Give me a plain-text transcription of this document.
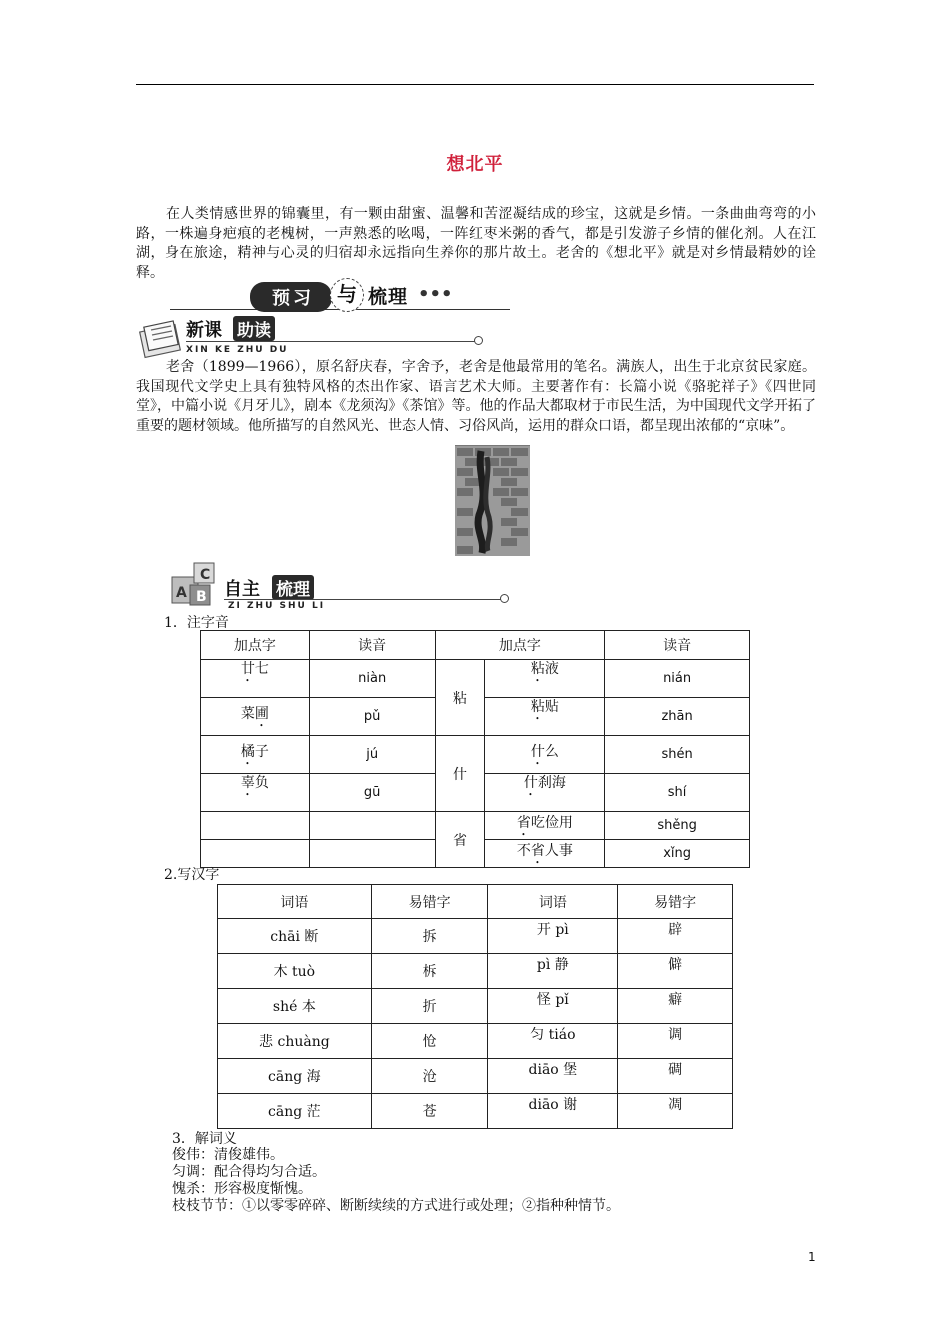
想北平

在人类情感世界的锦囊里，有一颗由甜蜜、温馨和苦涩凝结成的珍宝，这就是乡情。一条曲曲弯弯的小路，一株遍身疤痕的老槐树，一声熟悉的吆喝，一阵红枣米粥的香气，都是引发游子乡情的催化剂。人在江湖，身在旅途，精神与心灵的归宿却永远指向生养你的那片故土。老舍的《想北平》就是对乡情最精妙的诠释。

预习	与 梳理 •••
新课 助读
XIN KE ZHU DU

老舍（1899—1966），原名舒庆春，字舍予，老舍是他最常用的笔名。满族人，出生于北京贫民家庭。我国现代文学史上具有独特风格的杰出作家、语言艺术大师。主要著作有：长篇小说《骆驼祥子》《四世同堂》，中篇小说《月牙儿》，剧本《龙须沟》《茶馆》等。他的作品大都取材于市民生活，为中国现代文学开拓了重要的题材领域。他所描写的自然风光、世态人情、习俗风尚，运用的群众口语，都呈现出浓郁的“京味”。

C
A B 自主 梳理
ZI ZHU SHU LI

1．注字音

加点字	读音	加点字		读音
廿七	niàn	粘	粘液	nián
菜圃	pǔ		粘贴	zhān
橘子	jú	什	什么	shén
辜负	gū		什刹海	shí
		省	省吃俭用	shěng
			不省人事	xǐng

2.写汉字

词语	易错字	词语	易错字
chāi 断	拆	开 pì	辟
木 tuò	柝	pì 静	僻
shé 本	折	怪 pǐ	癖
悲 chuàng	怆	匀 tiáo	调
cāng 海	沧	diāo 堡	碉
cāng 茫	苍	diāo 谢	凋

3．解词义

俊伟：清俊雄伟。
匀调：配合得均匀合适。
愧杀：形容极度惭愧。
枝枝节节：①以零零碎碎、断断续续的方式进行或处理；②指种种情节。
1
